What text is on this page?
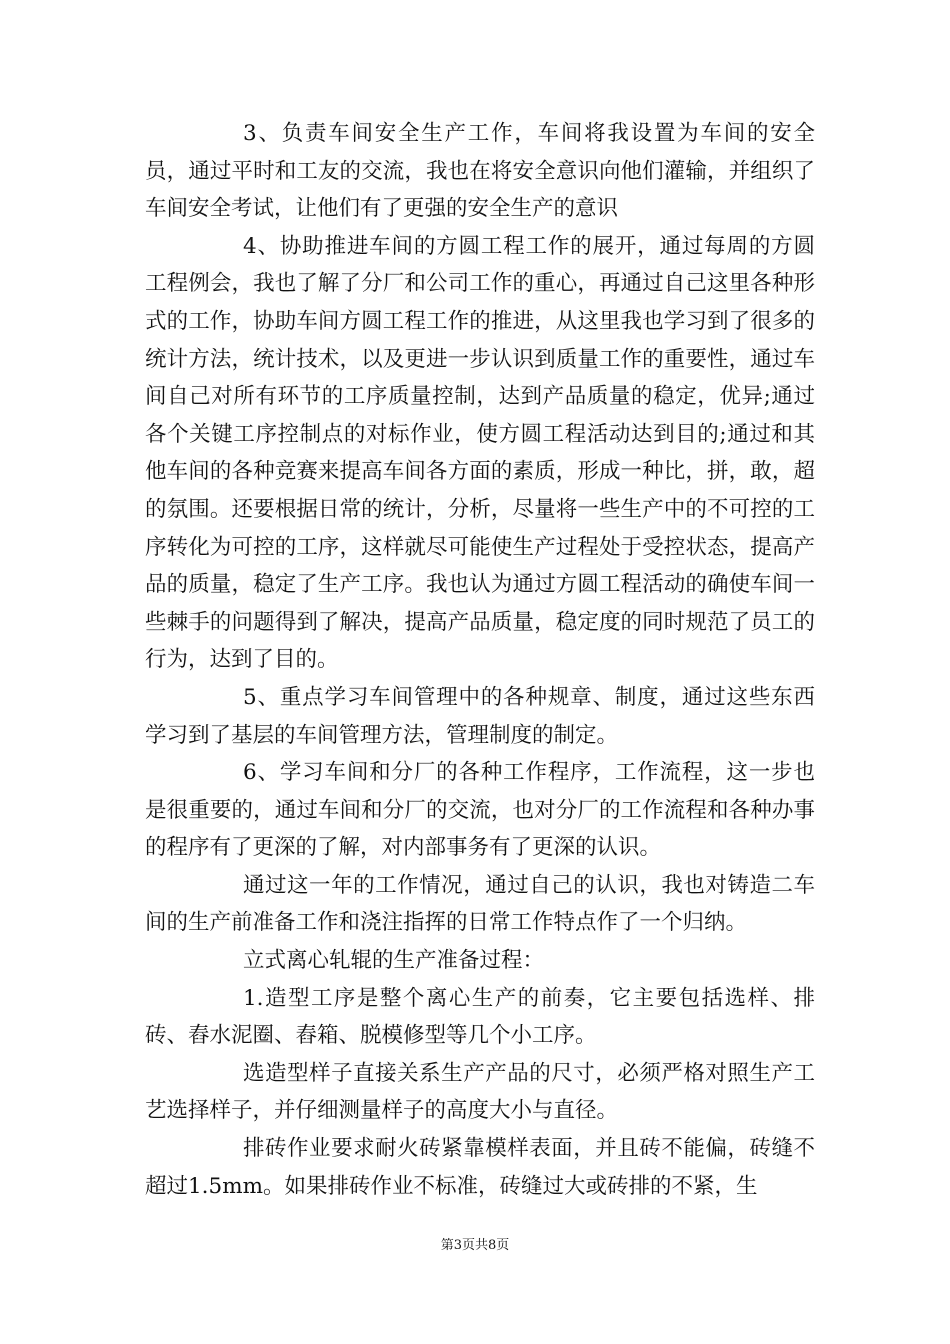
3、负责车间安全生产工作，车间将我设置为车间的安全员，通过平时和工友的交流，我也在将安全意识向他们灌输，并组织了车间安全考试，让他们有了更强的安全生产的意识

4、协助推进车间的方圆工程工作的展开，通过每周的方圆工程例会，我也了解了分厂和公司工作的重心，再通过自己这里各种形式的工作，协助车间方圆工程工作的推进，从这里我也学习到了很多的统计方法，统计技术，以及更进一步认识到质量工作的重要性，通过车间自己对所有环节的工序质量控制，达到产品质量的稳定，优异;通过各个关键工序控制点的对标作业，使方圆工程活动达到目的;通过和其他车间的各种竞赛来提高车间各方面的素质，形成一种比，拼，敢，超的氛围。还要根据日常的统计，分析，尽量将一些生产中的不可控的工序转化为可控的工序，这样就尽可能使生产过程处于受控状态，提高产品的质量，稳定了生产工序。我也认为通过方圆工程活动的确使车间一些棘手的问题得到了解决，提高产品质量，稳定度的同时规范了员工的行为，达到了目的。

5、重点学习车间管理中的各种规章、制度，通过这些东西学习到了基层的车间管理方法，管理制度的制定。

6、学习车间和分厂的各种工作程序，工作流程，这一步也是很重要的，通过车间和分厂的交流，也对分厂的工作流程和各种办事的程序有了更深的了解，对内部事务有了更深的认识。

通过这一年的工作情况，通过自己的认识，我也对铸造二车间的生产前准备工作和浇注指挥的日常工作特点作了一个归纳。

立式离心轧辊的生产准备过程：

1.造型工序是整个离心生产的前奏，它主要包括选样、排砖、舂水泥圈、舂箱、脱模修型等几个小工序。

选造型样子直接关系生产产品的尺寸，必须严格对照生产工艺选择样子，并仔细测量样子的高度大小与直径。

排砖作业要求耐火砖紧靠模样表面，并且砖不能偏，砖缝不超过1.5mm。如果排砖作业不标准，砖缝过大或砖排的不紧，生

第3页共8页
